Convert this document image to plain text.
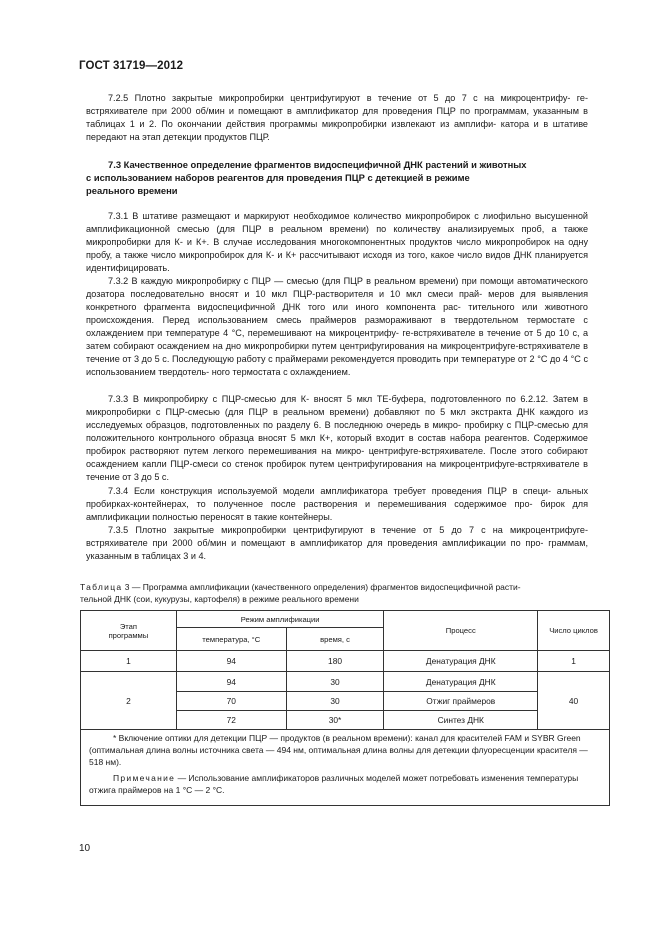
ГОСТ 31719—2012

7.2.5 Плотно закрытые микропробирки центрифугируют в течение от 5 до 7 с на микроцентрифу- ге-встряхивателе при 2000 об/мин и помещают в амплификатор для проведения ПЦР по программам, указанным в таблицах 1 и 2. По окончании действия программы микропробирки извлекают из амплифи- катора и в штативе передают на этап детекции продуктов ПЦР.

7.3 Качественное определение фрагментов видоспецифичной ДНК растений и животных
с использованием наборов реагентов для проведения ПЦР с детекцией в режиме
реального времени

7.3.1 В штативе размещают и маркируют необходимое количество микропробирок с лиофильно высушенной амплификационной смесью (для ПЦР в реальном времени) по количеству анализируемых проб, а также микропробирки для К- и К+. В случае исследования многокомпонентных продуктов число микропробирок на одну пробу, а также число микропробирок для К- и К+ рассчитывают исходя из того, какое число видов ДНК планируется идентифицировать.

7.3.2 В каждую микропробирку с ПЦР — смесью (для ПЦР в реальном времени) при помощи автоматического дозатора последовательно вносят и 10 мкл ПЦР-растворителя и 10 мкл смеси прай- меров для выявления конкретного фрагмента видоспецифичной ДНК того или иного компонента рас- тительного или животного происхождения. Перед использованием смесь праймеров размораживают в твердотельном термостате с охлаждением при температуре 4 °С, перемешивают на микроцентрифу- ге-встряхивателе в течение от 5 до 10 с, а затем собирают осаждением на дно микропробирки путем центрифугирования на микроцентрифуге-встряхивателе в течение от 3 до 5 с. Последующую работу с праймерами рекомендуется проводить при температуре от 2 °С до 4 °С с использованием твердотель- ного термостата с охлаждением.

7.3.3 В микропробирку с ПЦР-смесью для К- вносят 5 мкл ТЕ-буфера, подготовленного по 6.2.12. Затем в микропробирки с ПЦР-смесью (для ПЦР в реальном времени) добавляют по 5 мкл экстракта ДНК каждого из исследуемых образцов, подготовленных по разделу 6. В последнюю очередь в микро- пробирку с ПЦР-смесью для положительного контрольного образца вносят 5 мкл К+, который входит в состав набора реагентов. Содержимое пробирок растворяют путем легкого перемешивания на микро- центрифуге-встряхивателе. После этого собирают осаждением капли ПЦР-смеси со стенок пробирок путем центрифугирования на микроцентрифуге-встряхивателе в течение от 3 до 5 с.

7.3.4 Если конструкция используемой модели амплификатора требует проведения ПЦР в специ- альных пробирках-контейнерах, то полученное после растворения и перемешивания содержимое про- бирок для амплификации полностью переносят в такие контейнеры.

7.3.5 Плотно закрытые микропробирки центрифугируют в течение от 5 до 7 с на микроцентрифуге- встряхивателе при 2000 об/мин и помещают в амплификатор для проведения амплификации по про- граммам, указанным в таблицах 3 и 4.

Таблица 3 — Программа амплификации (качественного определения) фрагментов видоспецифичной расти-
тельной ДНК (сои, кукурузы, картофеля) в режиме реального времени
Этап
программы	Режим амплификации		Процесс	Число циклов
	температура, °С	время, с		
1	94	180	Денатурация ДНК	1
2	94	30	Денатурация ДНК	40
	70	30	Отжиг праймеров	
	72	30*	Синтез ДНК	

* Включение оптики для детекции ПЦР — продуктов (в реальном времени): канал для красителей FAM и SYBR Green (оптимальная длина волны источника света — 494 нм, оптимальная длина волны для детекции флуоресценции красителя — 518 нм).

Примечание — Использование амплификаторов различных моделей может потребовать изменения температуры отжига праймеров на 1 °С — 2 °С.

10
